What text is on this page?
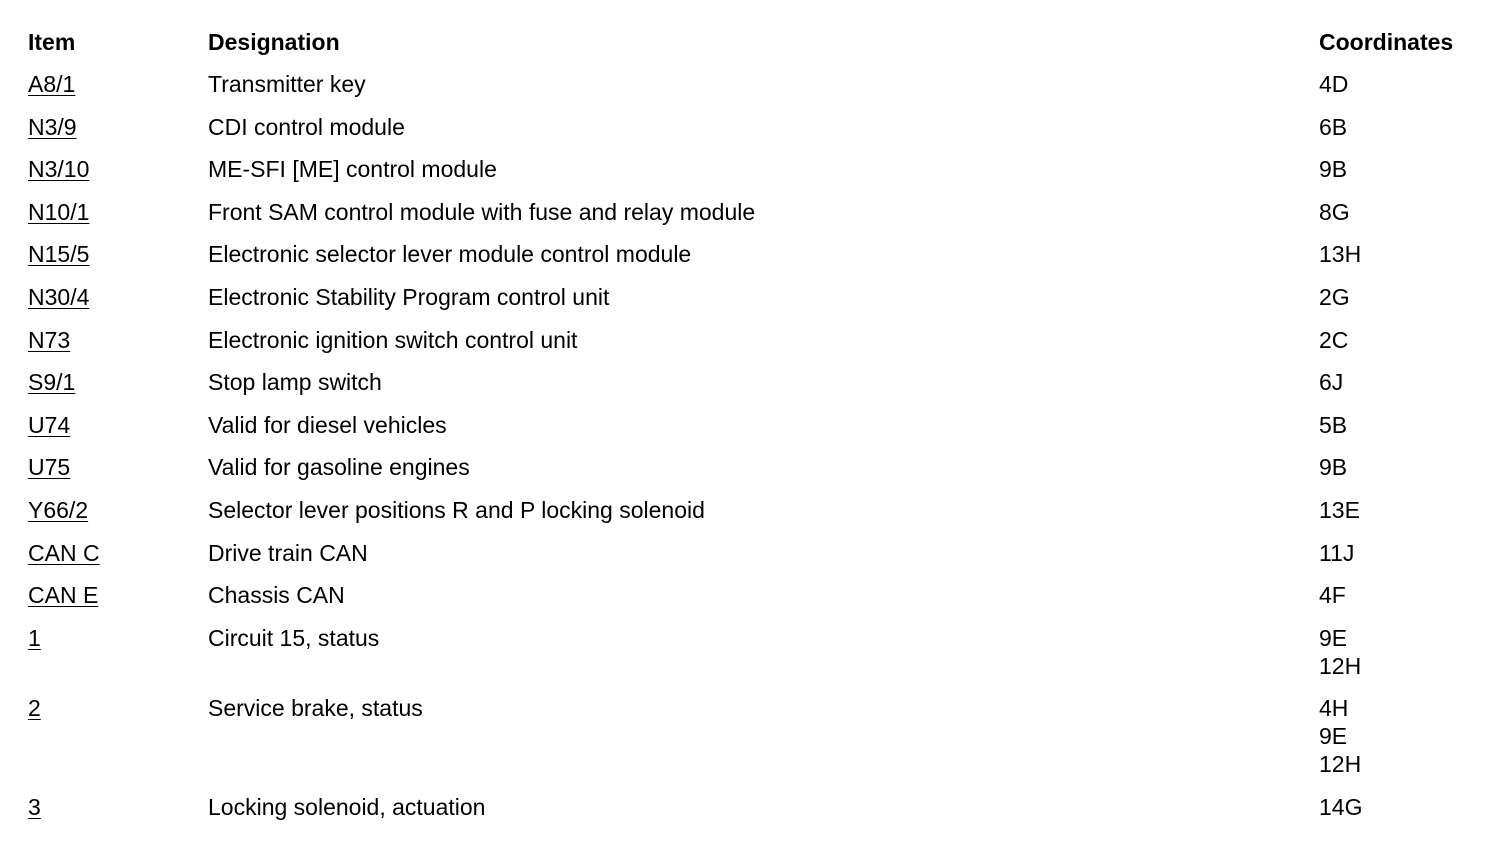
Item	Designation	Coordinates
A8/1	Transmitter key	4D
N3/9	CDI control module	6B
N3/10	ME-SFI [ME] control module	9B
N10/1	Front SAM control module with fuse and relay module	8G
N15/5	Electronic selector lever module control module	13H
N30/4	Electronic Stability Program control unit	2G
N73	Electronic ignition switch control unit	2C
S9/1	Stop lamp switch	6J
U74	Valid for diesel vehicles	5B
U75	Valid for gasoline engines	9B
Y66/2	Selector lever positions R and P locking solenoid	13E
CAN C	Drive train CAN	11J
CAN E	Chassis CAN	4F
1	Circuit 15, status	9E
12H
2	Service brake, status	4H
9E
12H
3	Locking solenoid, actuation	14G
